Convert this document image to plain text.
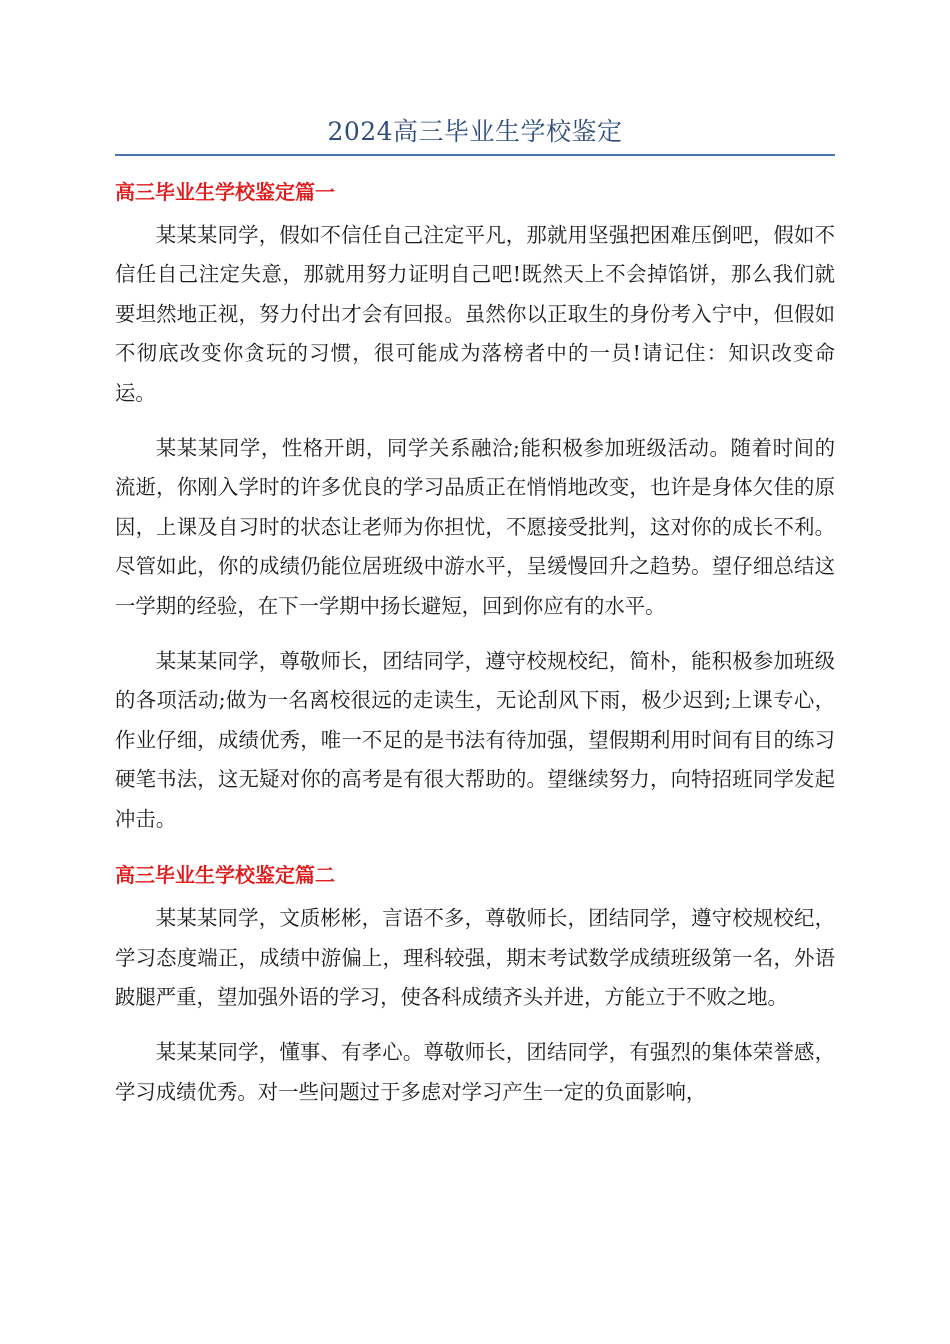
2024高三毕业生学校鉴定
高三毕业生学校鉴定篇一

某某某同学，假如不信任自己注定平凡，那就用坚强把困难压倒吧，假如不信任自己注定失意，那就用努力证明自己吧!既然天上不会掉馅饼，那么我们就要坦然地正视，努力付出才会有回报。虽然你以正取生的身份考入宁中，但假如不彻底改变你贪玩的习惯，很可能成为落榜者中的一员!请记住：知识改变命运。

某某某同学，性格开朗，同学关系融洽;能积极参加班级活动。随着时间的流逝，你刚入学时的许多优良的学习品质正在悄悄地改变，也许是身体欠佳的原因，上课及自习时的状态让老师为你担忧，不愿接受批判，这对你的成长不利。尽管如此，你的成绩仍能位居班级中游水平，呈缓慢回升之趋势。望仔细总结这一学期的经验，在下一学期中扬长避短，回到你应有的水平。

某某某同学，尊敬师长，团结同学，遵守校规校纪，简朴，能积极参加班级的各项活动;做为一名离校很远的走读生，无论刮风下雨，极少迟到;上课专心，作业仔细，成绩优秀，唯一不足的是书法有待加强，望假期利用时间有目的练习硬笔书法，这无疑对你的高考是有很大帮助的。望继续努力，向特招班同学发起冲击。

高三毕业生学校鉴定篇二

某某某同学，文质彬彬，言语不多，尊敬师长，团结同学，遵守校规校纪，学习态度端正，成绩中游偏上，理科较强，期末考试数学成绩班级第一名，外语跛腿严重，望加强外语的学习，使各科成绩齐头并进，方能立于不败之地。

某某某同学，懂事、有孝心。尊敬师长，团结同学，有强烈的集体荣誉感，学习成绩优秀。对一些问题过于多虑对学习产生一定的负面影响，
